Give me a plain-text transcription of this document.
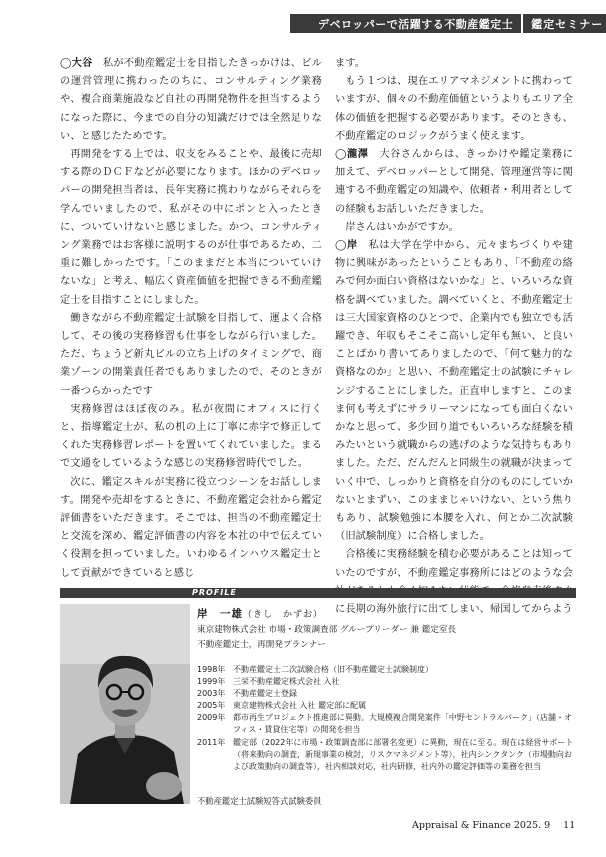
デベロッパーで活躍する不動産鑑定士	鑑定セミナー

◯大谷　私が不動産鑑定士を目指したきっかけは、ビルの運営管理に携わったのちに、コンサルティング業務や、複合商業施設など自社の再開発物件を担当するようになった際に、今までの自分の知識だけでは全然足りない、と感じたためです。

再開発をする上では、収支をみることや、最後に売却する際のＤＣＦなどが必要になります。ほかのデベロッパーの開発担当者は、長年実務に携わりながらそれらを学んでいましたので、私がその中にポンと入ったときに、ついていけないと感じました。かつ、コンサルティング業務ではお客様に説明するのが仕事であるため、二重に難しかったです。「このままだと本当についていけないな」と考え、幅広く資産価値を把握できる不動産鑑定士を目指すことにしました。

働きながら不動産鑑定士試験を目指して、運よく合格して、その後の実務修習も仕事をしながら行いました。ただ、ちょうど新丸ビルの立ち上げのタイミングで、商業ゾーンの開業責任者でもありましたので、そのときが一番つらかったです

実務修習はほぼ夜のみ。私が夜間にオフィスに行くと、指導鑑定士が、私の机の上に丁寧に赤字で修正してくれた実務修習レポートを置いてくれていました。まるで文通をしているような感じの実務修習時代でした。

次に、鑑定スキルが実務に役立つシーンをお話しします。開発や売却をするときに、不動産鑑定会社から鑑定評価書をいただきます。そこでは、担当の不動産鑑定士と交流を深め、鑑定評価書の内容を本社の中で伝えていく役割を担っていました。いわゆるインハウス鑑定士として貢献ができていると感じ

ます。

もう１つは、現在エリアマネジメントに携わっていますが、個々の不動産価値というよりもエリア全体の価値を把握する必要があります。そのときも、不動産鑑定のロジックがうまく使えます。

◯瀧澤　大谷さんからは、きっかけや鑑定業務に加えて、デベロッパーとして開発、管理運営等に関連する不動産鑑定の知識や、依頼者・利用者としての経験もお話しいただきました。

岸さんはいかがですか。

◯岸　私は大学在学中から、元々まちづくりや建物に興味があったということもあり、「不動産の絡みで何か面白い資格はないかな」と、いろいろな資格を調べていました。調べていくと、不動産鑑定士は三大国家資格のひとつで、企業内でも独立でも活躍でき、年収もそこそこ高いし定年も無い、と良いことばかり書いてありましたので、「何て魅力的な資格なのか」と思い、不動産鑑定士の試験にチャレンジすることにしました。正直申しますと、このまま何も考えずにサラリーマンになっても面白くないかなと思って、多少回り道でもいろいろな経験を積みたいという就職からの逃げのような気持ちもありました。ただ、だんだんと同級生の就職が決まっていく中で、しっかりと資格を自分のものにしていかないとまずい、このままじゃいけない、という焦りもあり、試験勉強に本腰を入れ、何とか二次試験（旧試験制度）に合格しました。

合格後に実務経験を積む必要があることは知っていたのですが、不動産鑑定事務所にはどのような会 に長期の海外旅行に出てしまい、帰国してからよう

PROFILE
岸　一雄（きし　かずお）
東京建物株式会社 市場・政策調査部 グループリーダー 兼 鑑定室長
不動産鑑定士，再開発プランナー
1998年 不動産鑑定士二次試験合格（旧不動産鑑定士試験制度）
1999年 三栄不動産鑑定株式会社 入社
2003年 不動産鑑定士登録
2005年 東京建物株式会社 入社 鑑定部に配属
2009年 都市再生プロジェクト推進部に異動。大規模複合開発案件「中野セントラルパーク」（店舗・オフィス・賃貸住宅等）の開発を担当
2011年 鑑定部（2022年に市場・政策調査部に部署名変更）に異動，現在に至る。現在は経営サポート（将来動向の調査，新規事業の検討，リスクマネジメント等），社内シンクタンク（市場動向および政策動向の調査等），社内相談対応，社内研修，社内外の鑑定評価等の業務を担当
不動産鑑定士試験短答式試験委員
Appraisal & Finance 2025. 9 11
